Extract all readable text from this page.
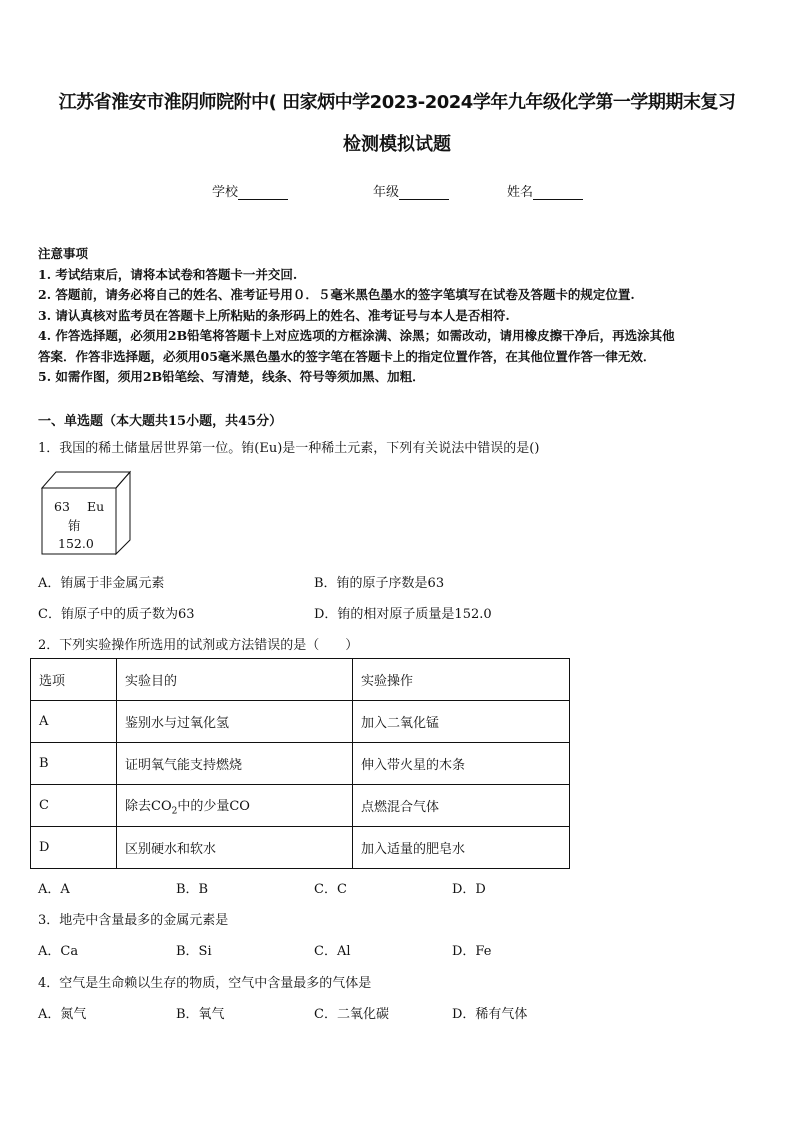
江苏省淮安市淮阴师院附中( 田家炳中学2023-2024学年九年级化学第一学期期末复习
检测模拟试题
学校	年级	姓名
注意事项

1. 考试结束后，请将本试卷和答题卡一并交回.

2. 答题前，请务必将自己的姓名、准考证号用０．５毫米黑色墨水的签字笔填写在试卷及答题卡的规定位置.

3. 请认真核对监考员在答题卡上所粘贴的条形码上的姓名、准考证号与本人是否相符.

4. 作答选择题，必须用2B铅笔将答题卡上对应选项的方框涂满、涂黑；如需改动，请用橡皮擦干净后，再选涂其他

答案．作答非选择题，必须用05毫米黑色墨水的签字笔在答题卡上的指定位置作答，在其他位置作答一律无效．

5. 如需作图，须用2B铅笔绘、写清楚，线条、符号等须加黑、加粗．

一、单选题（本大题共15小题，共45分）
1．我国的稀土储量居世界第一位。铕(Eu)是一种稀土元素，下列有关说法中错误的是()
63 Eu
铕
152.0
A．铕属于非金属元素	B．铕的原子序数是63
C．铕原子中的质子数为63	D．铕的相对原子质量是152.0
2．下列实验操作所选用的试剂或方法错误的是（　　）
选项	实验目的	实验操作
A	鉴别水与过氧化氢	加入二氧化锰
B	证明氧气能支持燃烧	伸入带火星的木条
C	除去$CO_2$中的少量CO	点燃混合气体
D	区别硬水和软水	加入适量的肥皂水
A．A	B．B	C．C	D．D
3．地壳中含量最多的金属元素是
A．Ca	B．Si	C．Al	D．Fe
4．空气是生命赖以生存的物质，空气中含量最多的气体是
A．氮气	B．氧气	C．二氧化碳	D．稀有气体
